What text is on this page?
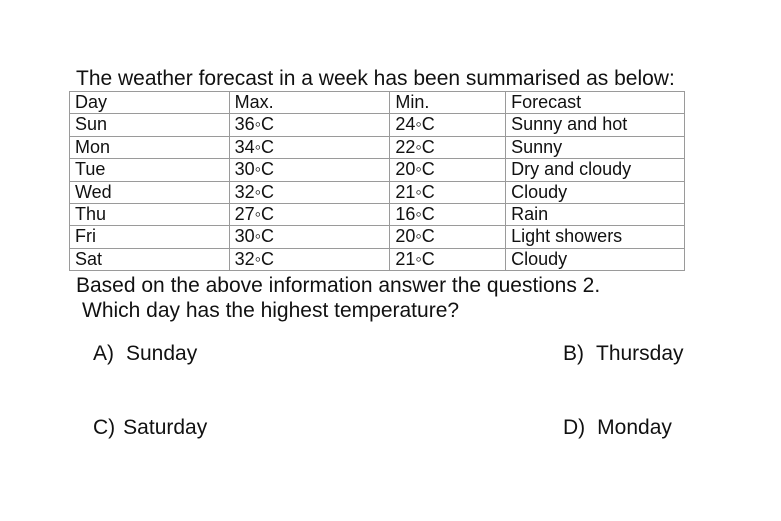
The weather forecast in a week has been summarised as below:
Day	Max.	Min.	Forecast
Sun	36◦C	24◦C	Sunny and hot
Mon	34◦C	22◦C	Sunny
Tue	30◦C	20◦C	Dry and cloudy
Wed	32◦C	21◦C	Cloudy
Thu	27◦C	16◦C	Rain
Fri	30◦C	20◦C	Light showers
Sat	32◦C	21◦C	Cloudy
Based on the above information answer the questions 2.
Which day has the highest temperature?
A) Sunday	B) Thursday
C) Saturday	D) Monday
